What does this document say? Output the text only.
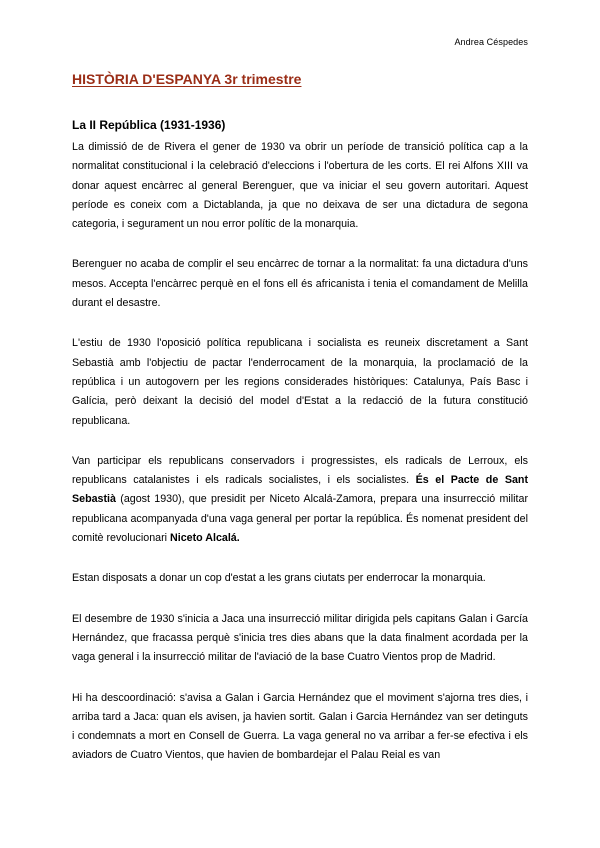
Andrea Céspedes
HISTÒRIA D'ESPANYA 3r trimestre
La II República (1931-1936)

La dimissió de de Rivera el gener de 1930 va obrir un període de transició política cap a la normalitat constitucional i la celebració d'eleccions i l'obertura de les corts. El rei Alfons XIII va donar aquest encàrrec al general Berenguer, que va iniciar el seu govern autoritari. Aquest període es coneix com a Dictablanda, ja que no deixava de ser una dictadura de segona categoria, i segurament un nou error polític de la monarquia.

Berenguer no acaba de complir el seu encàrrec de tornar a la normalitat: fa una dictadura d'uns mesos. Accepta l'encàrrec perquè en el fons ell és africanista i tenia el comandament de Melilla durant el desastre.

L'estiu de 1930 l'oposició política republicana i socialista es reuneix discretament a Sant Sebastià amb l'objectiu de pactar l'enderrocament de la monarquia, la proclamació de la república i un autogovern per les regions considerades històriques: Catalunya, País Basc i Galícia, però deixant la decisió del model d'Estat a la redacció de la futura constitució republicana.

Van participar els republicans conservadors i progressistes, els radicals de Lerroux, els republicans catalanistes i els radicals socialistes, i els socialistes. És el Pacte de Sant Sebastià (agost 1930), que presidit per Niceto Alcalá-Zamora, prepara una insurrecció militar republicana acompanyada d'una vaga general per portar la república. És nomenat president del comitè revolucionari Niceto Alcalá.

Estan disposats a donar un cop d'estat a les grans ciutats per enderrocar la monarquia.

El desembre de 1930 s'inicia a Jaca una insurrecció militar dirigida pels capitans Galan i García Hernández, que fracassa perquè s'inicia tres dies abans que la data finalment acordada per la vaga general i la insurrecció militar de l'aviació de la base Cuatro Vientos prop de Madrid.

Hi ha descoordinació: s'avisa a Galan i Garcia Hernández que el moviment s'ajorna tres dies, i arriba tard a Jaca: quan els avisen, ja havien sortit. Galan i Garcia Hernández van ser detinguts i condemnats a mort en Consell de Guerra. La vaga general no va arribar a fer-se efectiva i els aviadors de Cuatro Vientos, que havien de bombardejar el Palau Reial es van
